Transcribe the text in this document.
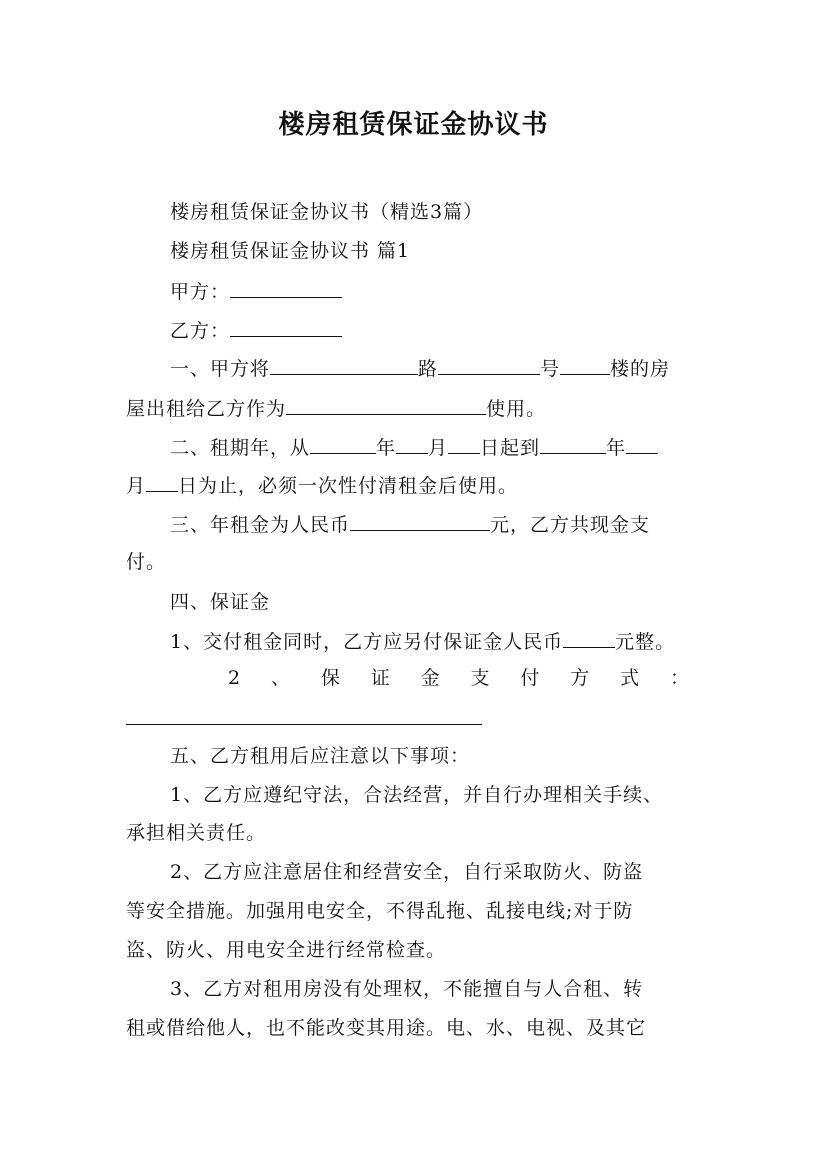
楼房租赁保证金协议书
楼房租赁保证金协议书（精选3篇）
楼房租赁保证金协议书 篇1
甲方：
乙方：
一、甲方将	路	号	楼的房
屋出租给乙方作为	使用。
二、租期年，从	年 月 日起到	年
月 日为止，必须一次性付清租金后使用。
三、年租金为人民币	元，乙方共现金支
付。
四、保证金
1、交付租金同时，乙方应另付保证金人民币	元整。
2 、 保 证 金 支 付 方 式 ：
五、乙方租用后应注意以下事项：
1、乙方应遵纪守法，合法经营，并自行办理相关手续、
承担相关责任。
2、乙方应注意居住和经营安全，自行采取防火、防盗
等安全措施。加强用电安全，不得乱拖、乱接电线;对于防
盗、防火、用电安全进行经常检查。
3、乙方对租用房没有处理权，不能擅自与人合租、转
租或借给他人，也不能改变其用途。电、水、电视、及其它
